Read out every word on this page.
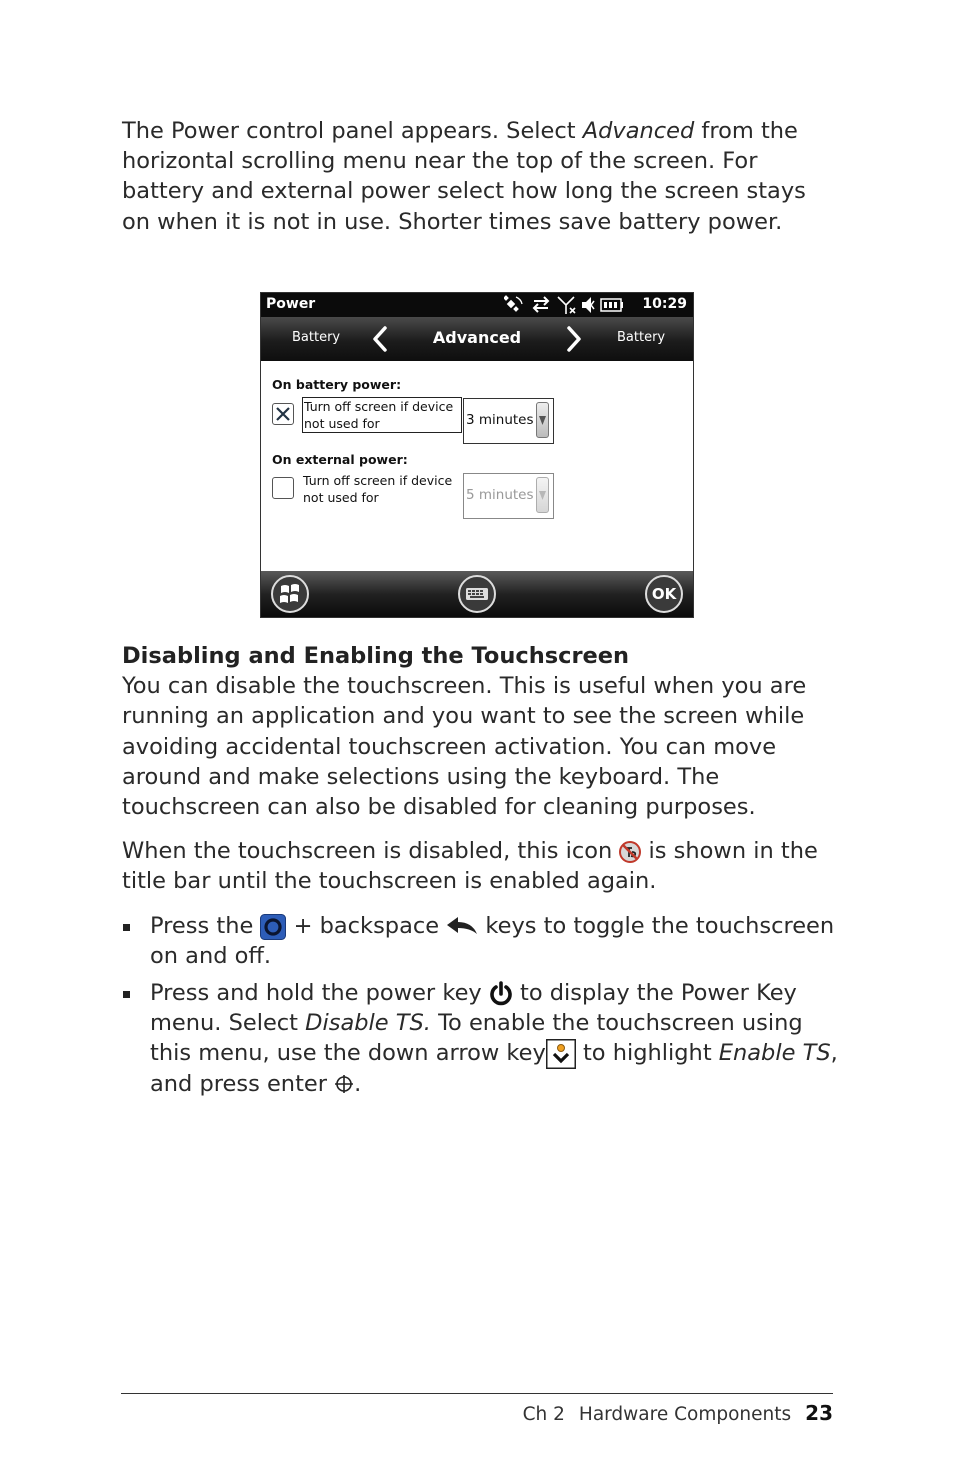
The Power control panel appears. Select Advanced from the horizontal scrolling menu near the top of the screen. For battery and external power select how long the screen stays on when it is not in use. Shorter times save battery power.

Power	10:29
Battery	Advanced	Battery
On battery power:
Turn off screen if device
not used for	3 minutes
On external power:
Turn off screen if device
not used for	5 minutes
OK

Disabling and Enabling the Touchscreen

You can disable the touchscreen. This is useful when you are running an application and you want to see the screen while avoiding accidental touchscreen activation. You can move around and make selections using the keyboard. The touchscreen can also be disabled for cleaning purposes.

When the touchscreen is disabled, this icon  is shown in the title bar until the touchscreen is enabled again.

Press the  + backspace  keys to toggle the touchscreen on and off.

Press and hold the power key  to display the Power Key menu. Select Disable TS. To enable the touchscreen using this menu, use the down arrow key to highlight Enable TS, and press enter .

Ch 2 Hardware Components 23
